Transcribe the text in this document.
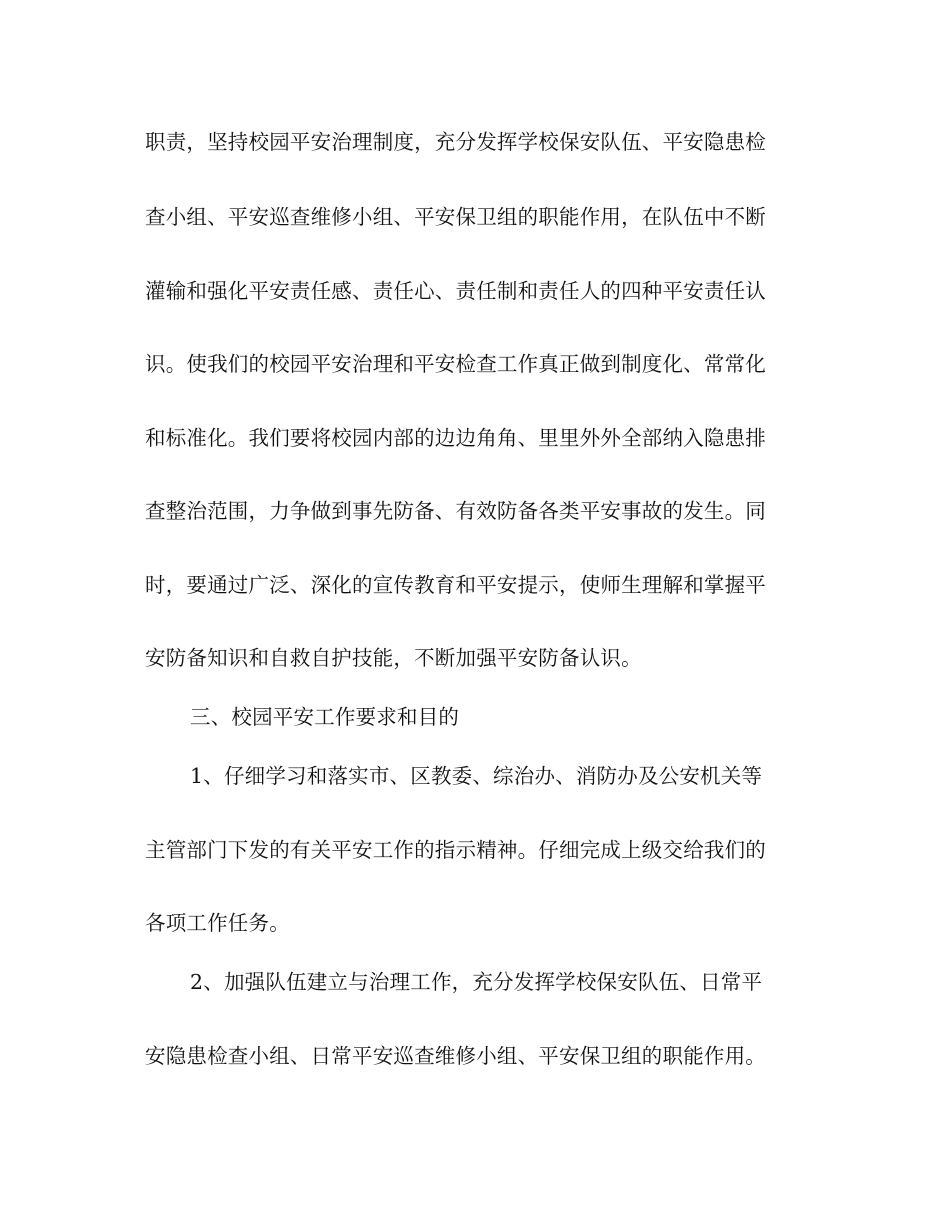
职责，坚持校园平安治理制度，充分发挥学校保安队伍、平安隐患检
查小组、平安巡查维修小组、平安保卫组的职能作用，在队伍中不断
灌输和强化平安责任感、责任心、责任制和责任人的四种平安责任认
识。使我们的校园平安治理和平安检查工作真正做到制度化、常常化
和标准化。我们要将校园内部的边边角角、里里外外全部纳入隐患排
查整治范围，力争做到事先防备、有效防备各类平安事故的发生。同
时，要通过广泛、深化的宣传教育和平安提示，使师生理解和掌握平
安防备知识和自救自护技能，不断加强平安防备认识。
三、校园平安工作要求和目的
1、仔细学习和落实市、区教委、综治办、消防办及公安机关等
主管部门下发的有关平安工作的指示精神。仔细完成上级交给我们的
各项工作任务。
2、加强队伍建立与治理工作，充分发挥学校保安队伍、日常平
安隐患检查小组、日常平安巡查维修小组、平安保卫组的职能作用。
